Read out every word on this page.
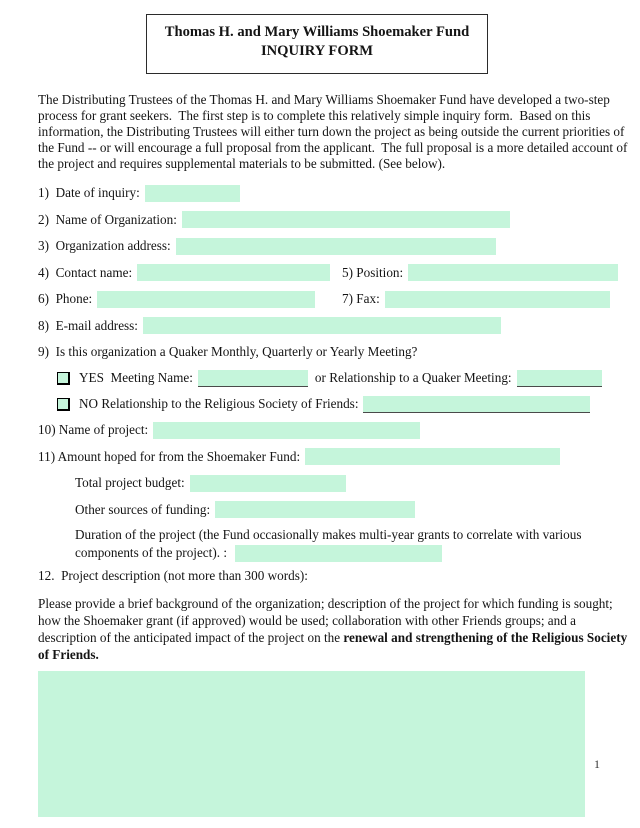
Thomas H. and Mary Williams Shoemaker Fund
INQUIRY FORM
The Distributing Trustees of the Thomas H. and Mary Williams Shoemaker Fund have developed a two-step
process for grant seekers.  The first step is to complete this relatively simple inquiry form.  Based on this
information, the Distributing Trustees will either turn down the project as being outside the current priorities of
the Fund -- or will encourage a full proposal from the applicant.  The full proposal is a more detailed account of
the project and requires supplemental materials to be submitted. (See below).
1)  Date of inquiry:
2)  Name of Organization:
3)  Organization address:
4)  Contact name:	5) Position:
6)  Phone:	7) Fax:
8)  E-mail address:
9)  Is this organization a Quaker Monthly, Quarterly or Yearly Meeting?
YES  Meeting Name:	or Relationship to a Quaker Meeting:
NO Relationship to the Religious Society of Friends:
10) Name of project:
11) Amount hoped for from the Shoemaker Fund:
Total project budget:
Other sources of funding:
Duration of the project (the Fund occasionally makes multi-year grants to correlate with various
components of the project). :
12.  Project description (not more than 300 words):
Please provide a brief background of the organization; description of the project for which funding is sought;
how the Shoemaker grant (if approved) would be used; collaboration with other Friends groups; and a
description of the anticipated impact of the project on the renewal and strengthening of the Religious Society
of Friends.
1
